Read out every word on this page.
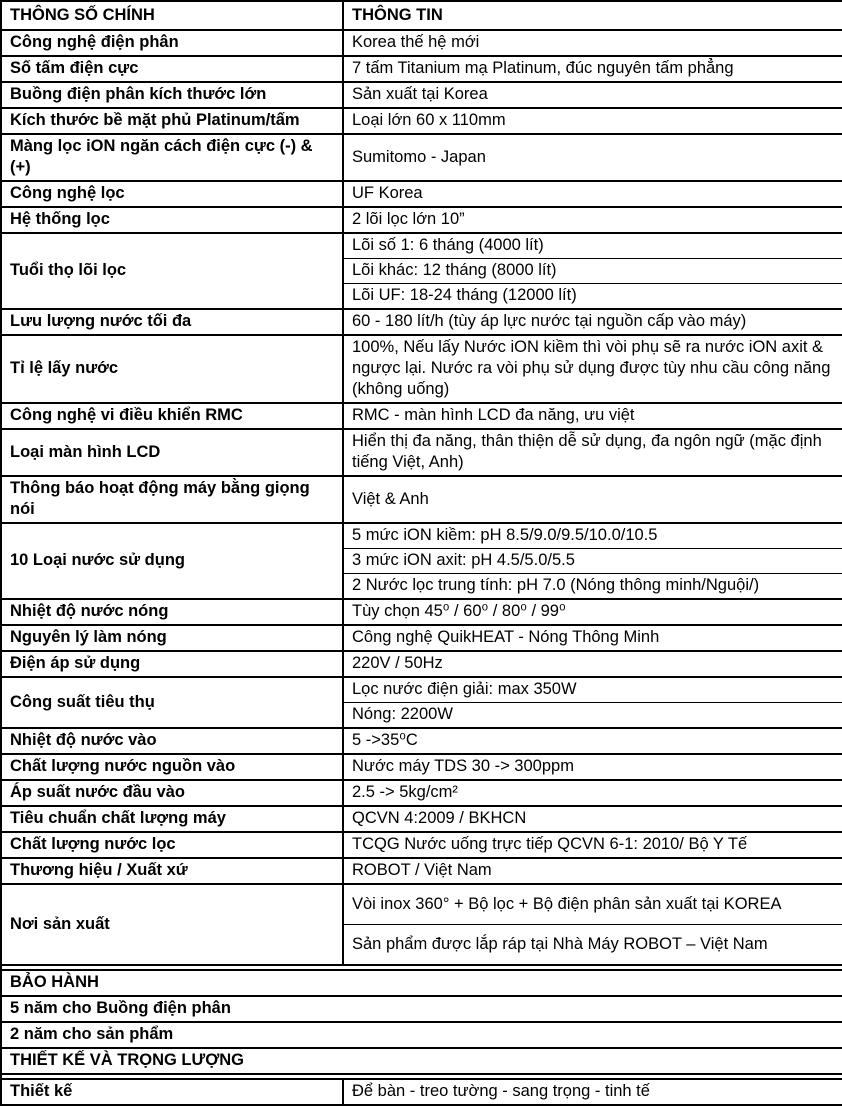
THÔNG SỐ CHÍNH	THÔNG TIN
Công nghệ điện phân	Korea thế hệ mới
Số tấm điện cực	7 tấm Titanium mạ Platinum, đúc nguyên tấm phẳng
Buồng điện phân kích thước lớn	Sản xuất tại Korea
Kích thước bề mặt phủ Platinum/tấm	Loại lớn 60 x 110mm
Màng lọc iON ngăn cách điện cực (-) & (+)	Sumitomo - Japan
Công nghệ lọc	UF Korea
Hệ thống lọc	2 lõi lọc lớn 10”
Tuổi thọ lõi lọc	Lõi số 1: 6 tháng (4000 lít)
	Lõi khác: 12 tháng (8000 lít)
	Lõi UF: 18-24 tháng (12000 lít)
Lưu lượng nước tối đa	60 - 180 lít/h (tùy áp lực nước tại nguồn cấp vào máy)
Tỉ lệ lấy nước	100%, Nếu lấy Nước iON kiềm thì vòi phụ sẽ ra nước iON axit & ngược lại. Nước ra vòi phụ sử dụng được tùy nhu cầu công năng (không uống)
Công nghệ vi điều khiển RMC	RMC - màn hình LCD đa năng, ưu việt
Loại màn hình LCD	Hiển thị đa năng, thân thiện dễ sử dụng, đa ngôn ngữ (mặc định tiếng Việt, Anh)
Thông báo hoạt động máy bằng giọng nói	Việt & Anh
10 Loại nước sử dụng	5 mức iON kiềm: pH 8.5/9.0/9.5/10.0/10.5
	3 mức iON axit: pH 4.5/5.0/5.5
	2 Nước lọc trung tính: pH 7.0 (Nóng thông minh/Nguội/)
Nhiệt độ nước nóng	Tùy chọn 45⁰ / 60⁰ / 80⁰ / 99⁰
Nguyên lý làm nóng	Công nghệ QuikHEAT - Nóng Thông Minh
Điện áp sử dụng	220V / 50Hz
Công suất tiêu thụ	Lọc nước điện giải: max 350W
	Nóng: 2200W
Nhiệt độ nước vào	5 ->35⁰C
Chất lượng nước nguồn vào	Nước máy TDS 30 -> 300ppm
Áp suất nước đầu vào	2.5 -> 5kg/cm²
Tiêu chuẩn chất lượng máy	QCVN 4:2009 / BKHCN
Chất lượng nước lọc	TCQG Nước uống trực tiếp QCVN 6-1: 2010/ Bộ Y Tế
Thương hiệu / Xuất xứ	ROBOT / Việt Nam
Nơi sản xuất	Vòi inox 360° + Bộ lọc + Bộ điện phân sản xuất tại KOREA
	Sản phẩm được lắp ráp tại Nhà Máy ROBOT – Việt Nam

BẢO HÀNH	
5 năm cho Buồng điện phân	
2 năm cho sản phẩm	
THIẾT KẾ VÀ TRỌNG LƯỢNG	

Thiết kế	Để bàn - treo tường - sang trọng - tinh tế
